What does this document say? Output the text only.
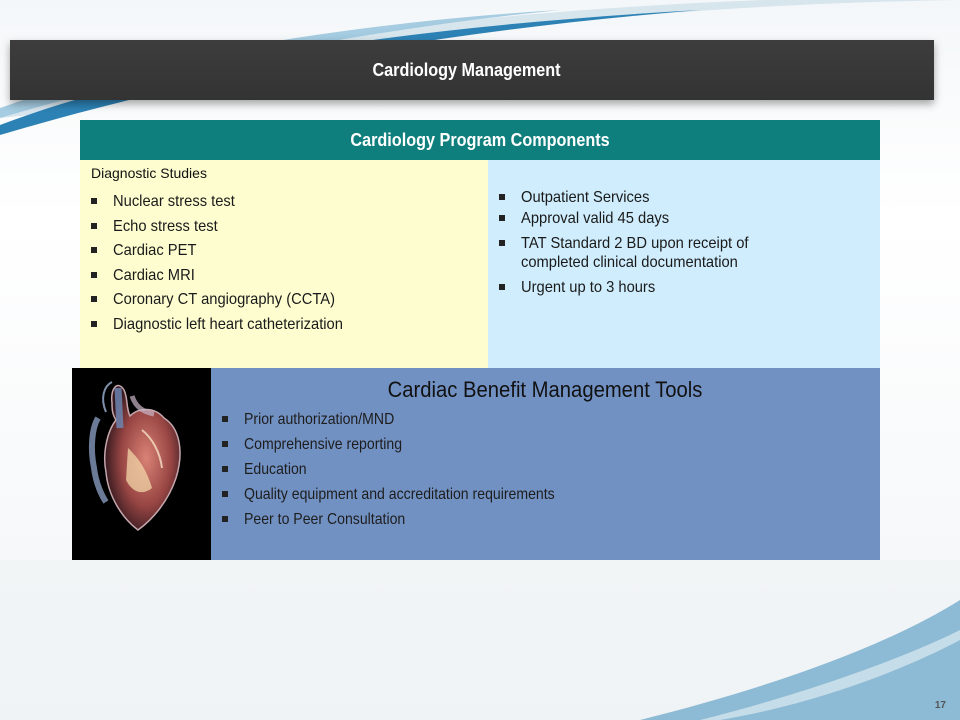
Cardiology Management
Cardiology Program Components
Diagnostic Studies
Nuclear stress test
Echo stress test
Cardiac PET
Cardiac MRI
Coronary CT angiography (CCTA)
Diagnostic left heart catheterization
Outpatient Services
Approval valid 45 days
TAT Standard 2 BD upon receipt of completed clinical documentation
Urgent up to 3 hours
Cardiac Benefit Management Tools
Prior authorization/MND
Comprehensive reporting
Education
Quality equipment and accreditation requirements
Peer to Peer Consultation
17
